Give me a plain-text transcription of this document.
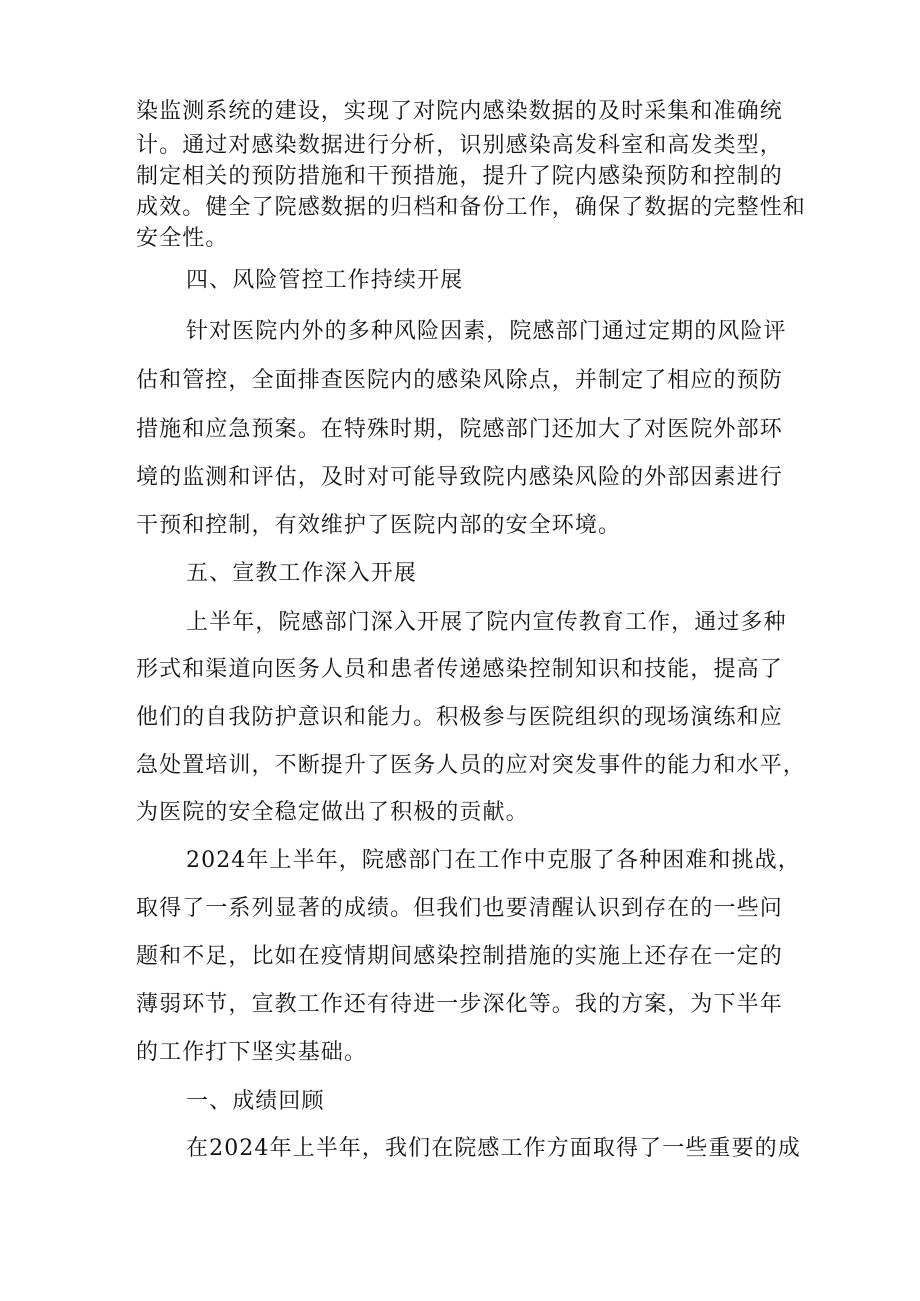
染监测系统的建设，实现了对院内感染数据的及时采集和准确统
计。通过对感染数据进行分析，识别感染高发科室和高发类型，
制定相关的预防措施和干预措施，提升了院内感染预防和控制的
成效。健全了院感数据的归档和备份工作，确保了数据的完整性和
安全性。
四、风险管控工作持续开展
针对医院内外的多种风险因素，院感部门通过定期的风险评
估和管控，全面排查医院内的感染风除点，并制定了相应的预防
措施和应急预案。在特殊时期，院感部门还加大了对医院外部环
境的监测和评估，及时对可能导致院内感染风险的外部因素进行
干预和控制，有效维护了医院内部的安全环境。
五、宣教工作深入开展
上半年，院感部门深入开展了院内宣传教育工作，通过多种
形式和渠道向医务人员和患者传递感染控制知识和技能，提高了
他们的自我防护意识和能力。积极参与医院组织的现场演练和应
急处置培训，不断提升了医务人员的应对突发事件的能力和水平，
为医院的安全稳定做出了积极的贡献。
2024年上半年，院感部门在工作中克服了各种困难和挑战，
取得了一系列显著的成绩。但我们也要清醒认识到存在的一些问
题和不足，比如在疫情期间感染控制措施的实施上还存在一定的
薄弱环节，宣教工作还有待进一步深化等。我的方案，为下半年
的工作打下坚实基础。
一、成绩回顾
在2024年上半年，我们在院感工作方面取得了一些重要的成
